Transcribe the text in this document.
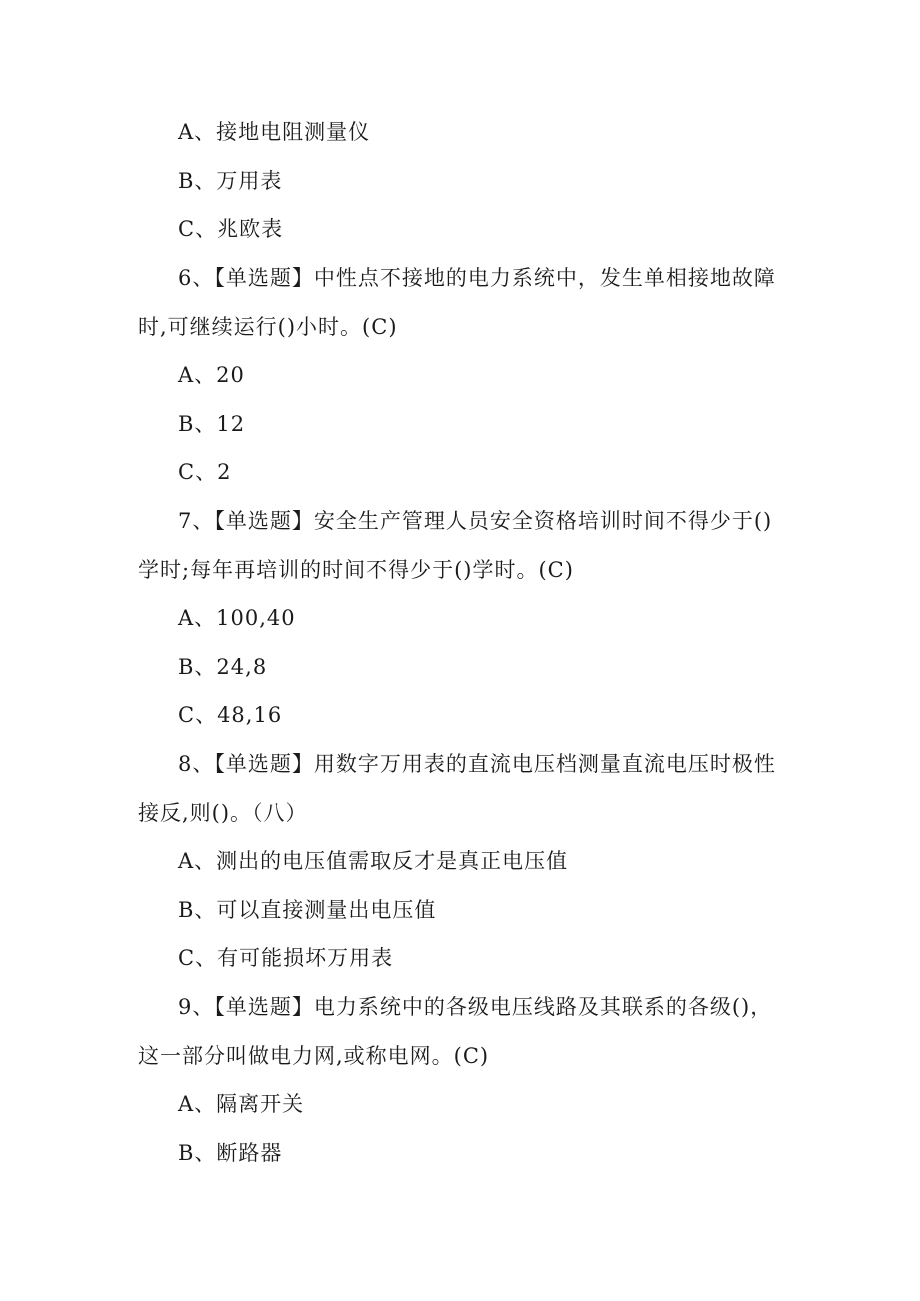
A、接地电阻测量仪
B、万用表
C、兆欧表
6、【单选题】中性点不接地的电力系统中，发生单相接地故障
时,可继续运行()小时。(C)
A、20
B、12
C、2
7、【单选题】安全生产管理人员安全资格培训时间不得少于()
学时;每年再培训的时间不得少于()学时。(C)
A、100,40
B、24,8
C、48,16
8、【单选题】用数字万用表的直流电压档测量直流电压时极性
接反,则()。（八）
A、测出的电压值需取反才是真正电压值
B、可以直接测量出电压值
C、有可能损坏万用表
9、【单选题】电力系统中的各级电压线路及其联系的各级()，
这一部分叫做电力网,或称电网。(C)
A、隔离开关
B、断路器
